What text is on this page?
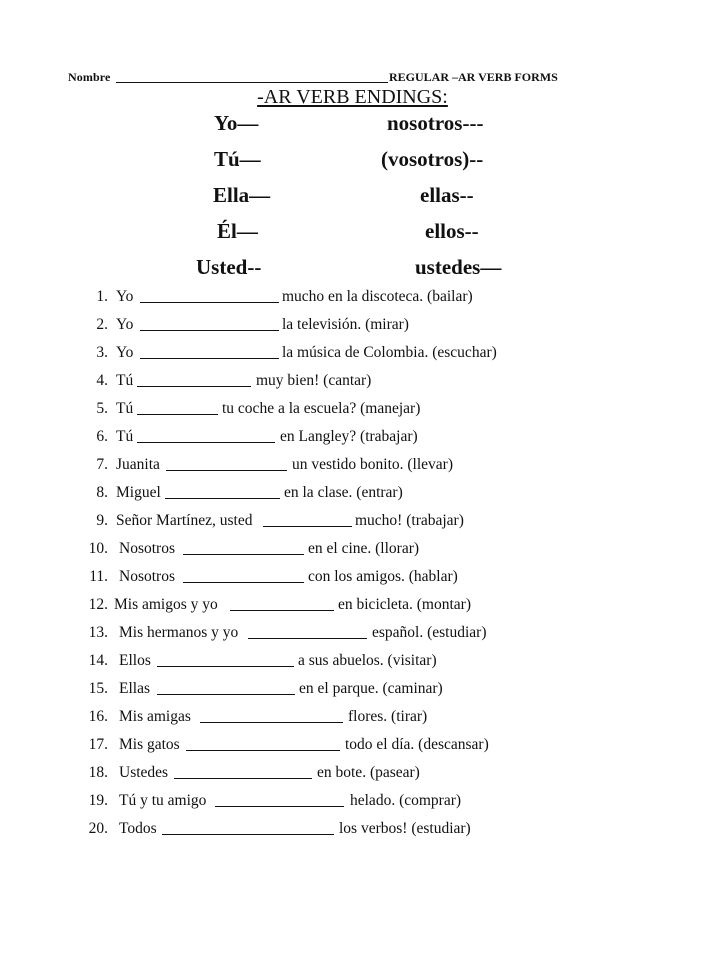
Nombre	REGULAR –AR VERB FORMS
-AR VERB ENDINGS:
Yo—	nosotros---
Tú—	(vosotros)--
Ella—	ellas--
Él—	ellos--
Usted--	ustedes—
1. Yo	mucho en la discoteca. (bailar)
2. Yo	la televisión. (mirar)
3. Yo	la música de Colombia. (escuchar)
4. Tú	muy bien! (cantar)
5. Tú	tu coche a la escuela? (manejar)
6. Tú	en Langley? (trabajar)
7. Juanita	un vestido bonito. (llevar)
8. Miguel	en la clase. (entrar)
9. Señor Martínez, usted	mucho! (trabajar)
10. Nosotros	en el cine. (llorar)
11. Nosotros	con los amigos. (hablar)
12. Mis amigos y yo	en bicicleta. (montar)
13. Mis hermanos y yo	español. (estudiar)
14. Ellos	a sus abuelos. (visitar)
15. Ellas	en el parque. (caminar)
16. Mis amigas	flores. (tirar)
17. Mis gatos	todo el día. (descansar)
18. Ustedes	en bote. (pasear)
19. Tú y tu amigo	helado. (comprar)
20. Todos	los verbos! (estudiar)
